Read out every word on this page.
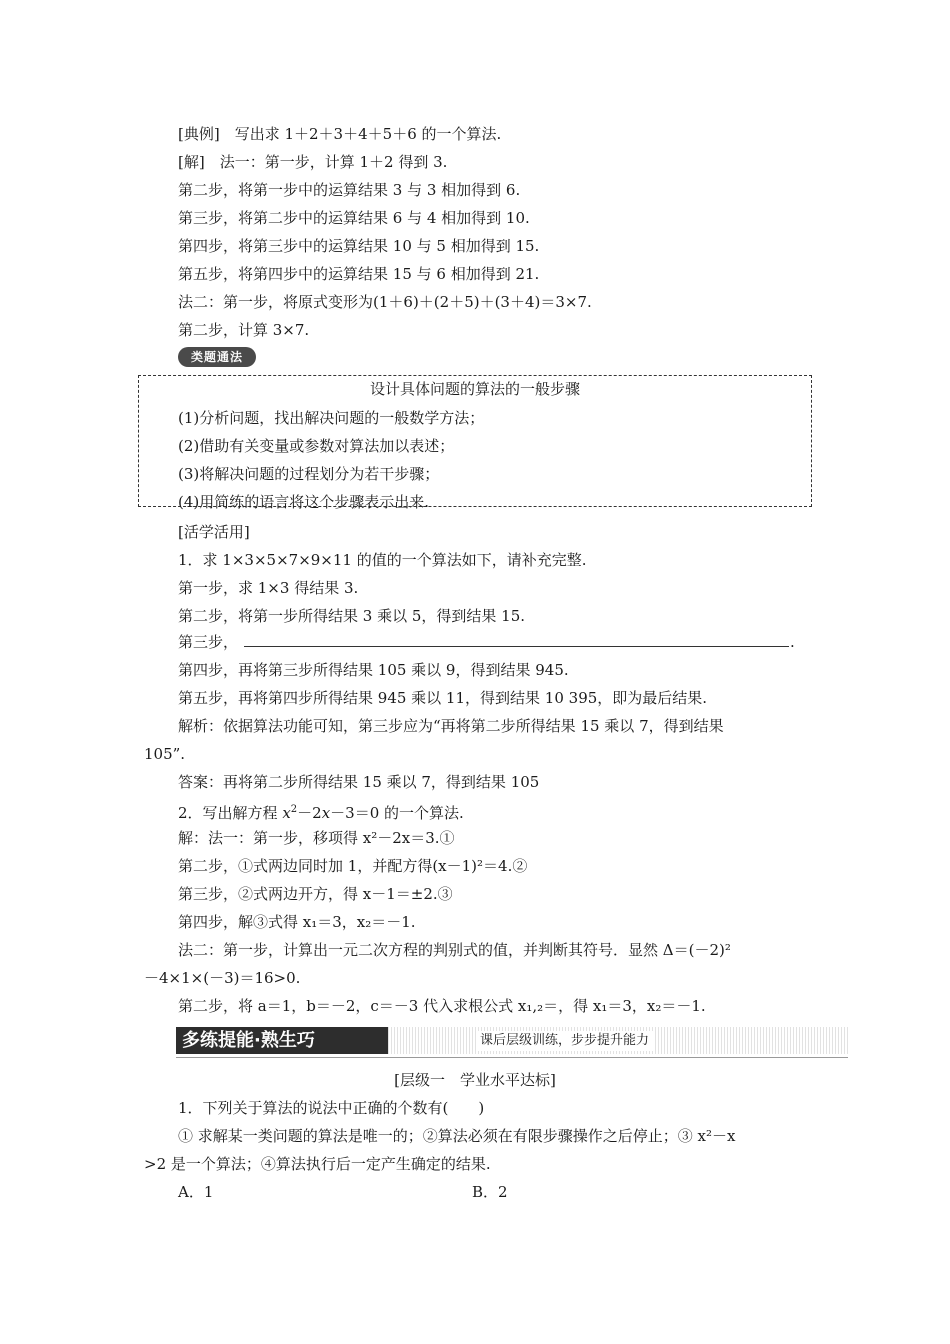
[典例]　写出求 1＋2＋3＋4＋5＋6 的一个算法.
[解]　法一：第一步，计算 1＋2 得到 3.
第二步，将第一步中的运算结果 3 与 3 相加得到 6.
第三步，将第二步中的运算结果 6 与 4 相加得到 10.
第四步，将第三步中的运算结果 10 与 5 相加得到 15.
第五步，将第四步中的运算结果 15 与 6 相加得到 21.
法二：第一步，将原式变形为(1＋6)＋(2＋5)＋(3＋4)＝3×7.
第二步，计算 3×7.
类题通法
设计具体问题的算法的一般步骤
(1)分析问题，找出解决问题的一般数学方法；
(2)借助有关变量或参数对算法加以表述；
(3)将解决问题的过程划分为若干步骤；
(4)用简练的语言将这个步骤表示出来.
[活学活用]
1．求 1×3×5×7×9×11 的值的一个算法如下，请补充完整.
第一步，求 1×3 得结果 3.
第二步，将第一步所得结果 3 乘以 5，得到结果 15.
第三步，	.
第四步，再将第三步所得结果 105 乘以 9，得到结果 945.
第五步，再将第四步所得结果 945 乘以 11，得到结果 10 395，即为最后结果.
解析：依据算法功能可知，第三步应为“再将第二步所得结果 15 乘以 7，得到结果
105”.
答案：再将第二步所得结果 15 乘以 7，得到结果 105
2．写出解方程 $x^2-2x-3=0$ 的一个算法.
解：法一：第一步，移项得 x²－2x＝3.①
第二步，①式两边同时加 1，并配方得(x－1)²＝4.②
第三步，②式两边开方，得 x－1＝±2.③
第四步，解③式得 x₁＝3，x₂＝－1.
法二：第一步，计算出一元二次方程的判别式的值，并判断其符号．显然 Δ＝(－2)²
－4×1×(－3)＝16>0.
第二步，将 a＝1，b＝－2，c＝－3 代入求根公式 x₁,₂＝，得 x₁＝3，x₂＝－1.
多练提能·熟生巧	课后层级训练，步步提升能力
[层级一　学业水平达标]
1．下列关于算法的说法中正确的个数有(　　)
① 求解某一类问题的算法是唯一的；②算法必须在有限步骤操作之后停止；③ x²－x
>2 是一个算法；④算法执行后一定产生确定的结果.
A．1	B．2
